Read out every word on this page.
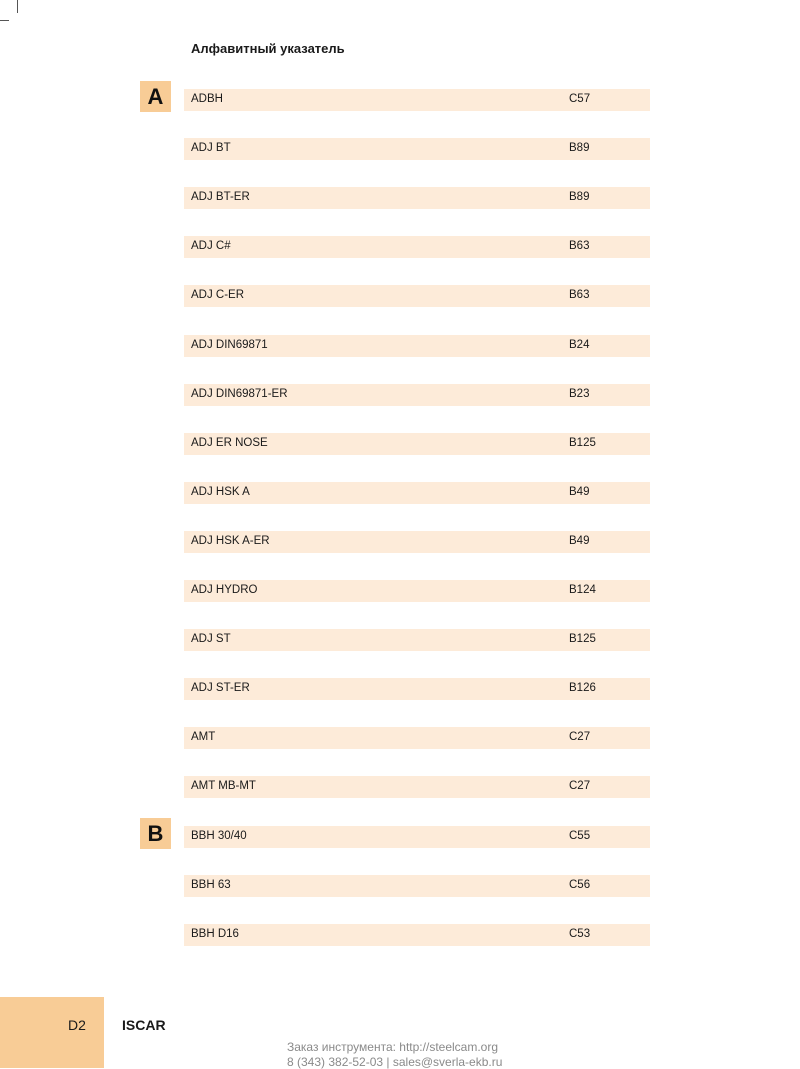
Алфавитный указатель
A	ADBH	C57
ADJ BT	B89
ADJ BT-ER	B89
ADJ C#	B63
ADJ C-ER	B63
ADJ DIN69871	B24
ADJ DIN69871-ER	B23
ADJ ER NOSE	B125
ADJ HSK A	B49
ADJ HSK A-ER	B49
ADJ HYDRO	B124
ADJ ST	B125
ADJ ST-ER	B126
AMT	C27
AMT MB-MT	C27
B	BBH 30/40	C55
BBH 63	C56
BBH D16	C53
D2	ISCAR
Заказ инструмента: http://steelcam.org
8 (343) 382-52-03 | sales@sverla-ekb.ru
